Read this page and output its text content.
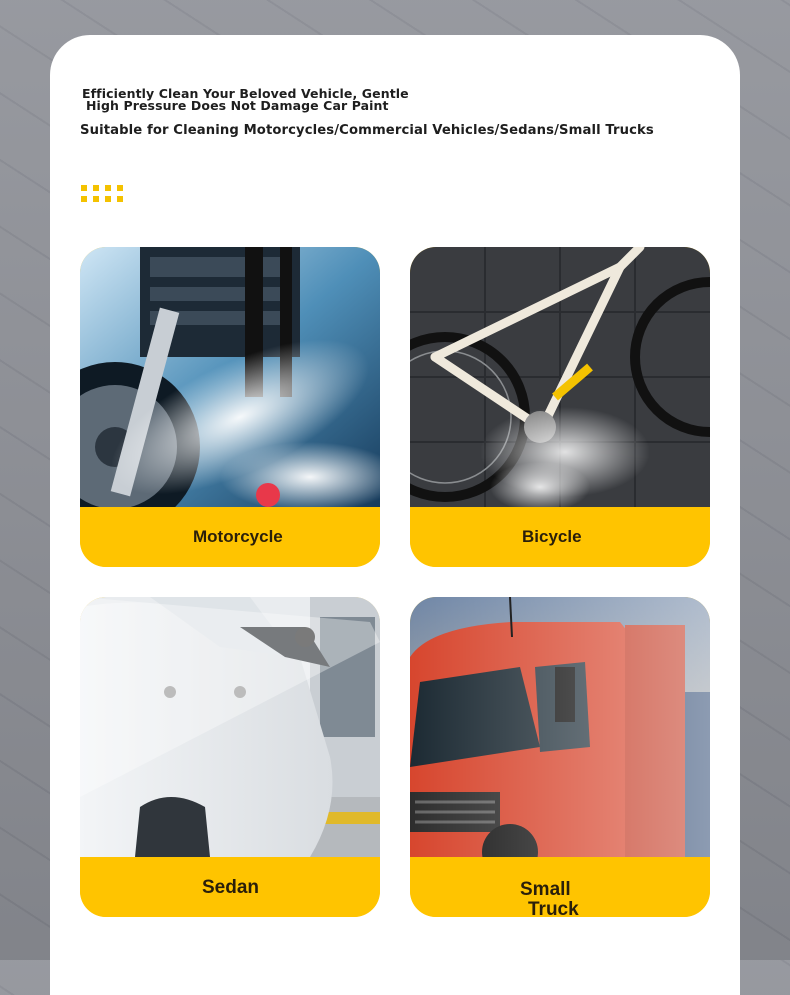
Efficiently Clean Your Beloved Vehicle, Gentle
High Pressure Does Not Damage Car Paint
Suitable for Cleaning Motorcycles/Commercial Vehicles/Sedans/Small Trucks
Motorcycle	Bicycle
Sedan	Small
Truck
